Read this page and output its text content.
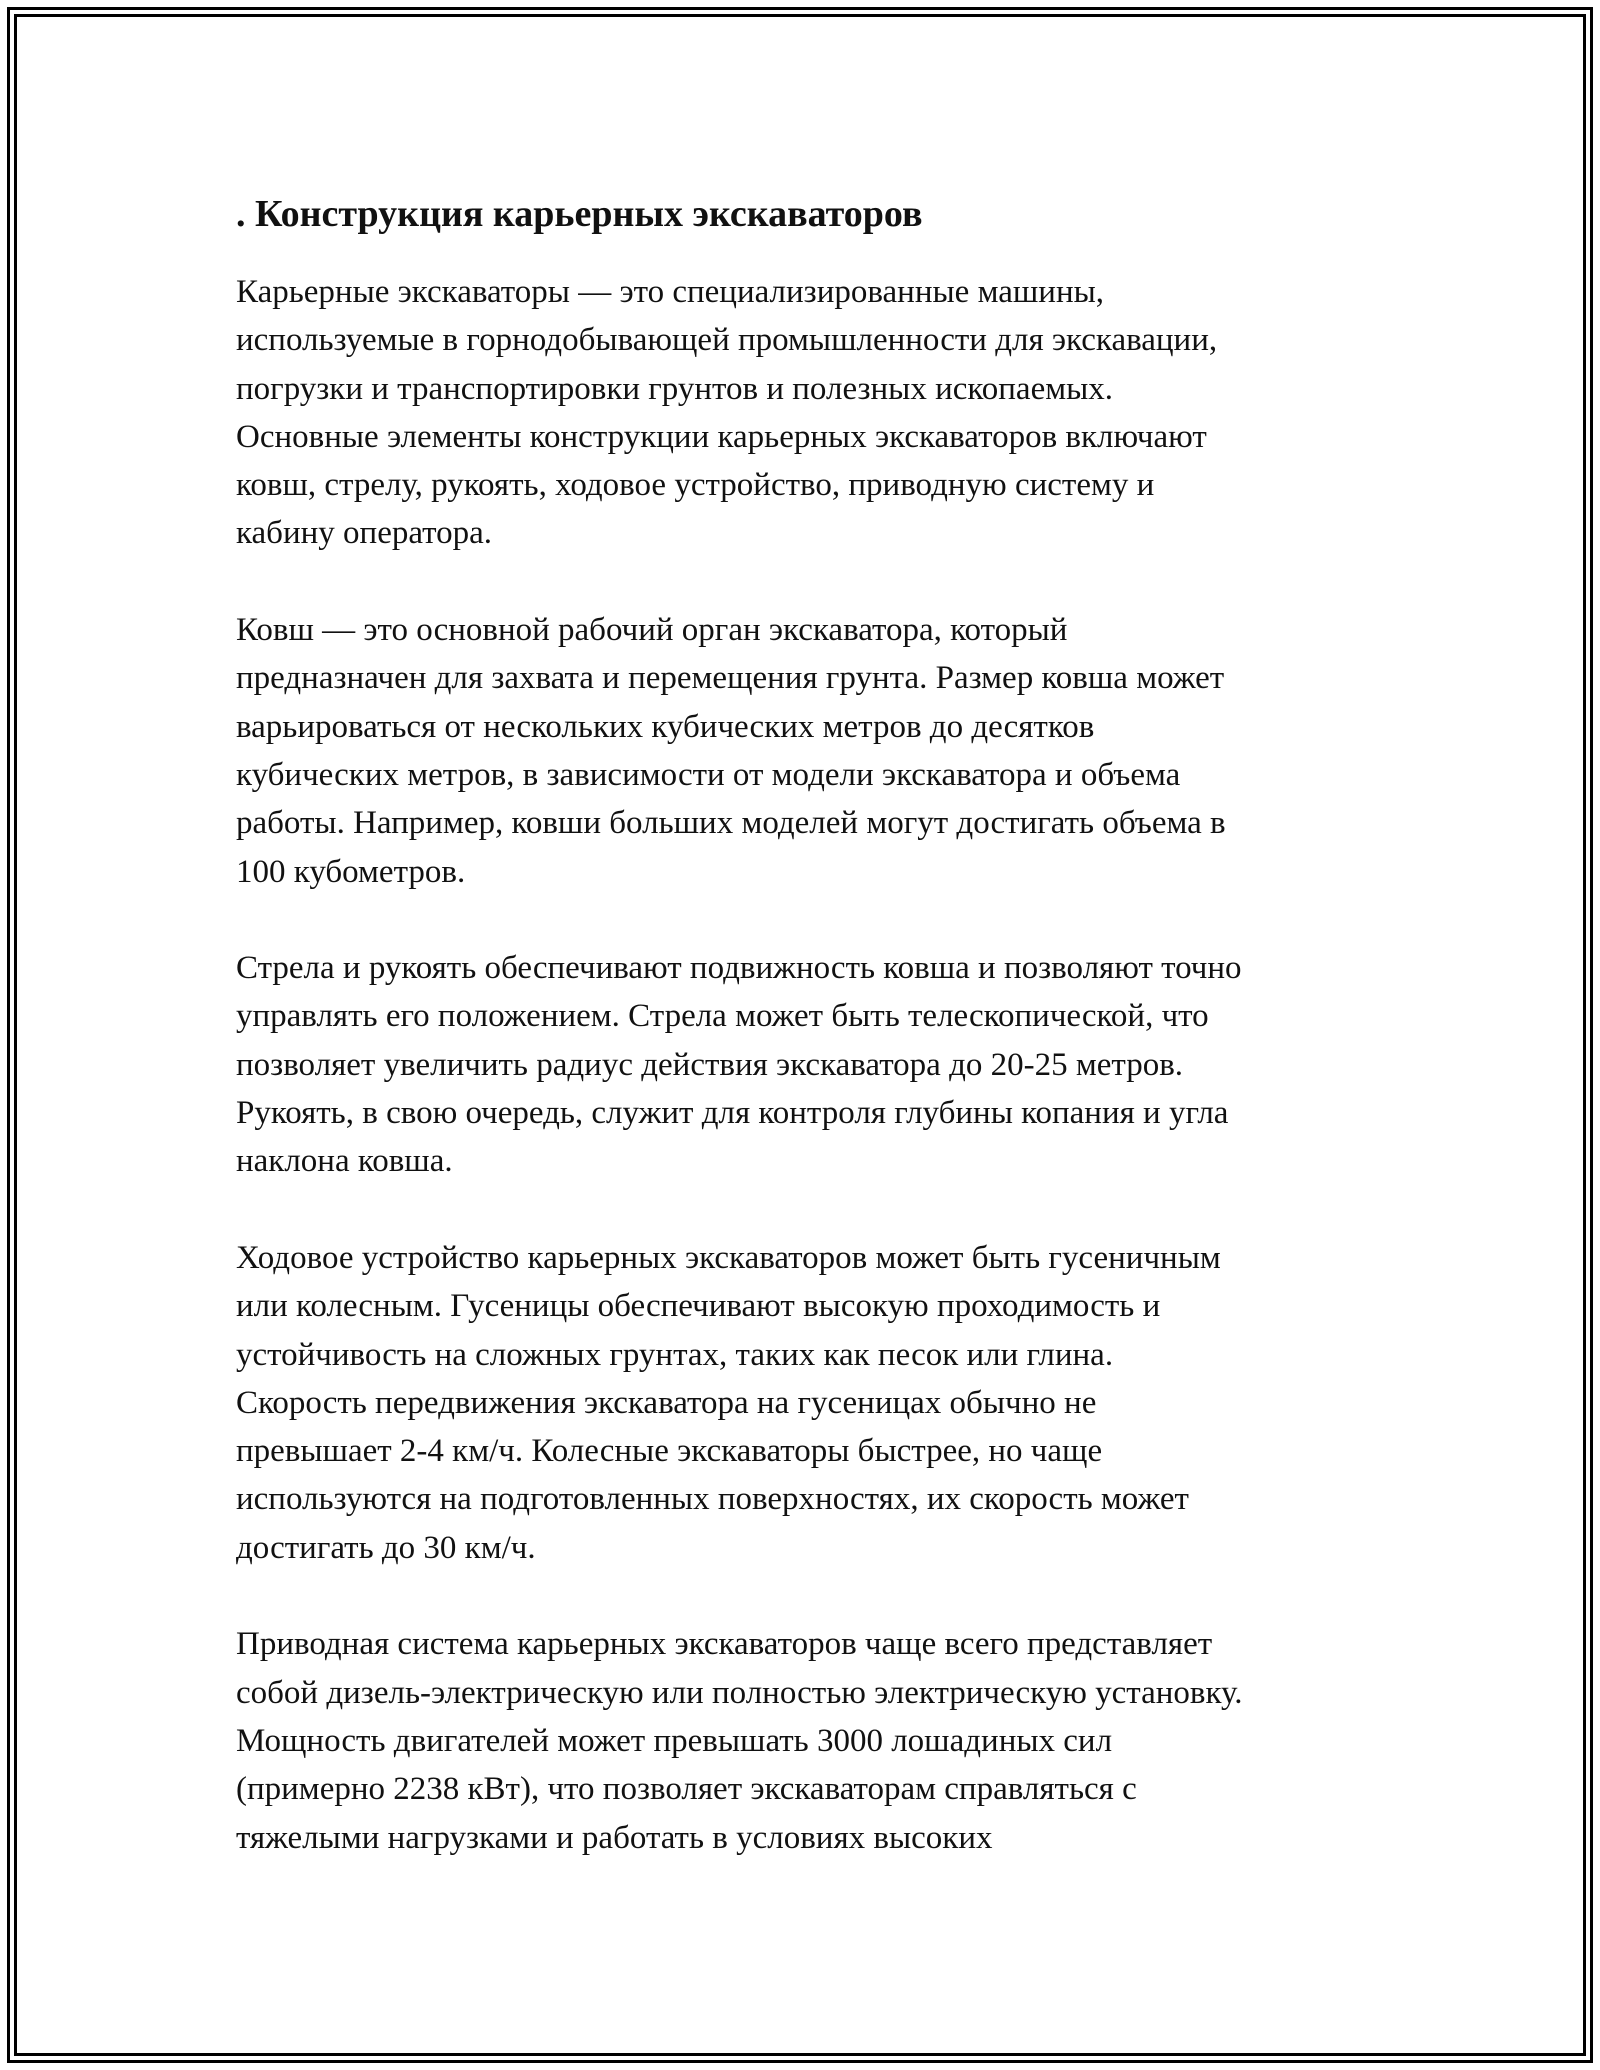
. Конструкция карьерных экскаваторов

Карьерные экскаваторы — это специализированные машины,
используемые в горнодобывающей промышленности для экскавации,
погрузки и транспортировки грунтов и полезных ископаемых.
Основные элементы конструкции карьерных экскаваторов включают
ковш, стрелу, рукоять, ходовое устройство, приводную систему и
кабину оператора.

Ковш — это основной рабочий орган экскаватора, который
предназначен для захвата и перемещения грунта. Размер ковша может
варьироваться от нескольких кубических метров до десятков
кубических метров, в зависимости от модели экскаватора и объема
работы. Например, ковши больших моделей могут достигать объема в
100 кубометров.

Стрела и рукоять обеспечивают подвижность ковша и позволяют точно
управлять его положением. Стрела может быть телескопической, что
позволяет увеличить радиус действия экскаватора до 20-25 метров.
Рукоять, в свою очередь, служит для контроля глубины копания и угла
наклона ковша.

Ходовое устройство карьерных экскаваторов может быть гусеничным
или колесным. Гусеницы обеспечивают высокую проходимость и
устойчивость на сложных грунтах, таких как песок или глина.
Скорость передвижения экскаватора на гусеницах обычно не
превышает 2-4 км/ч. Колесные экскаваторы быстрее, но чаще
используются на подготовленных поверхностях, их скорость может
достигать до 30 км/ч.

Приводная система карьерных экскаваторов чаще всего представляет
собой дизель-электрическую или полностью электрическую установку.
Мощность двигателей может превышать 3000 лошадиных сил
(примерно 2238 кВт), что позволяет экскаваторам справляться с
тяжелыми нагрузками и работать в условиях высоких
